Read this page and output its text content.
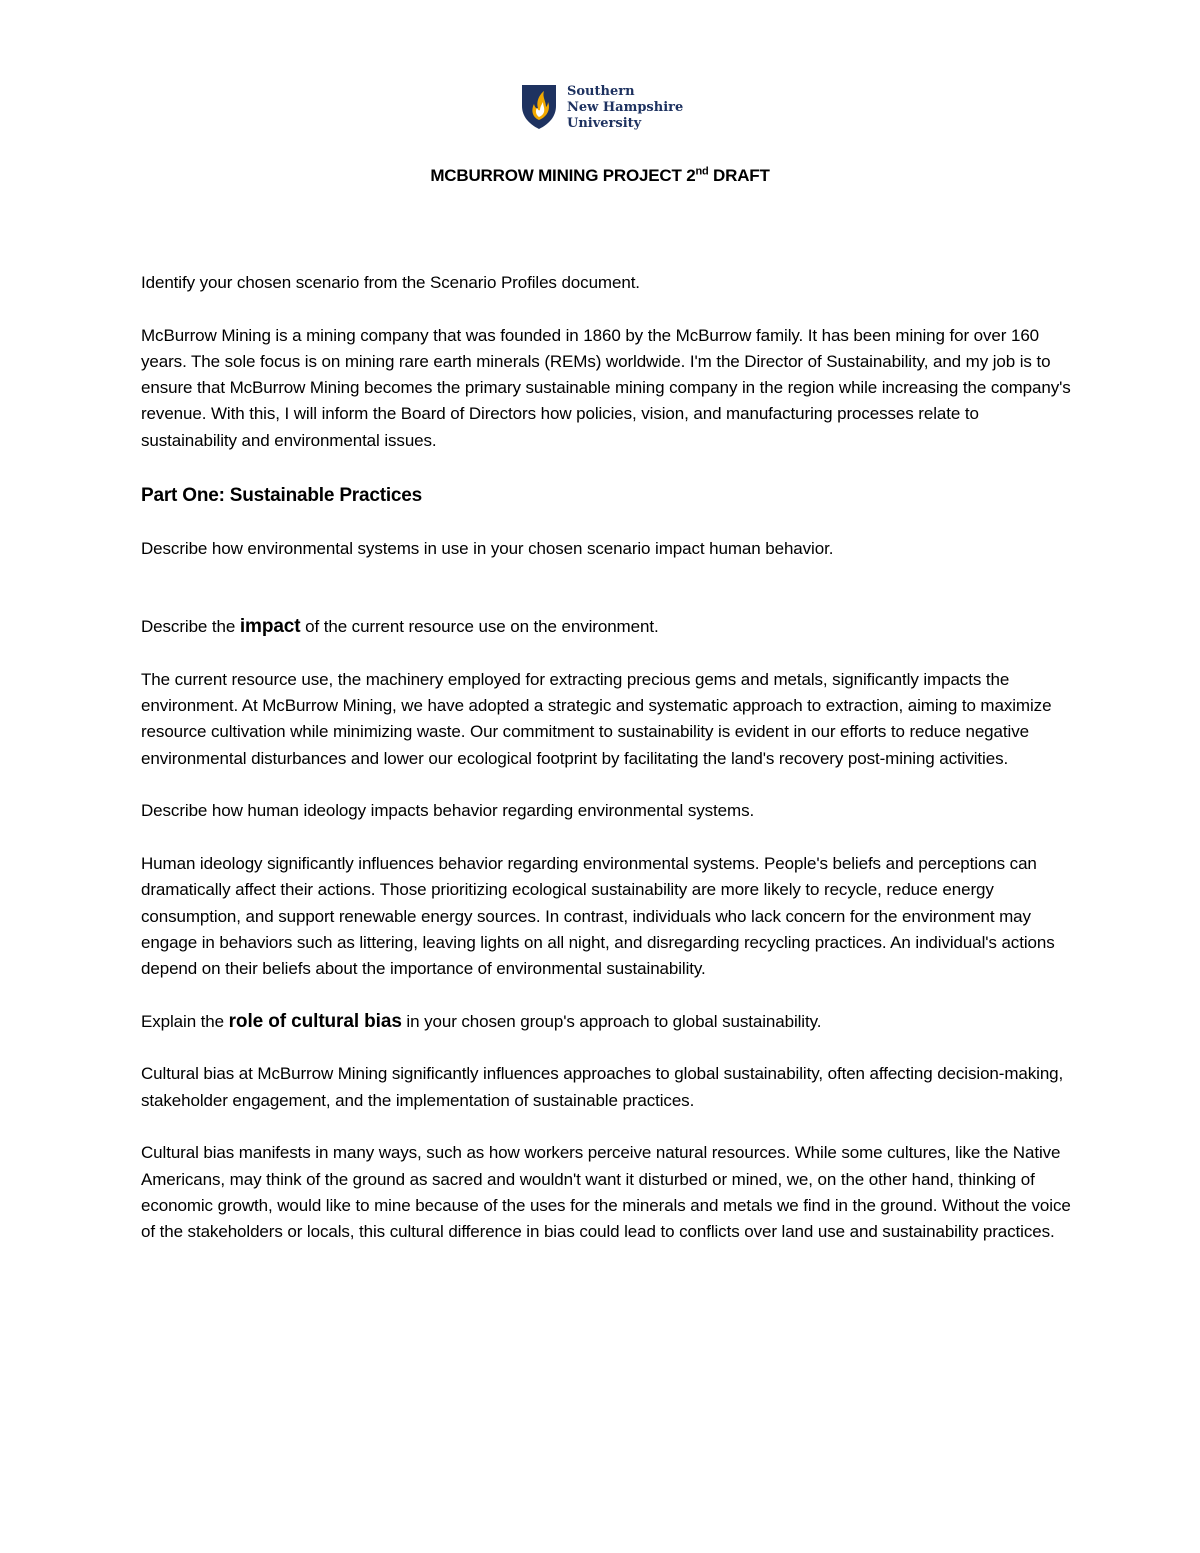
Southern
New Hampshire
University
MCBURROW MINING PROJECT 2nd DRAFT

Identify your chosen scenario from the Scenario Profiles document.

McBurrow Mining is a mining company that was founded in 1860 by the McBurrow family. It has been mining for over 160 years. The sole focus is on mining rare earth minerals (REMs) worldwide. I'm the Director of Sustainability, and my job is to ensure that McBurrow Mining becomes the primary sustainable mining company in the region while increasing the company's revenue. With this, I will inform the Board of Directors how policies, vision, and manufacturing processes relate to sustainability and environmental issues.

Part One: Sustainable Practices

Describe how environmental systems in use in your chosen scenario impact human behavior.

Describe the impact of the current resource use on the environment.

The current resource use, the machinery employed for extracting precious gems and metals, significantly impacts the environment. At McBurrow Mining, we have adopted a strategic and systematic approach to extraction, aiming to maximize resource cultivation while minimizing waste. Our commitment to sustainability is evident in our efforts to reduce negative environmental disturbances and lower our ecological footprint by facilitating the land's recovery post-mining activities.

Describe how human ideology impacts behavior regarding environmental systems.

Human ideology significantly influences behavior regarding environmental systems. People's beliefs and perceptions can dramatically affect their actions. Those prioritizing ecological sustainability are more likely to recycle, reduce energy consumption, and support renewable energy sources. In contrast, individuals who lack concern for the environment may engage in behaviors such as littering, leaving lights on all night, and disregarding recycling practices. An individual's actions depend on their beliefs about the importance of environmental sustainability.

Explain the role of cultural bias in your chosen group's approach to global sustainability.

Cultural bias at McBurrow Mining significantly influences approaches to global sustainability, often affecting decision-making, stakeholder engagement, and the implementation of sustainable practices.

Cultural bias manifests in many ways, such as how workers perceive natural resources. While some cultures, like the Native Americans, may think of the ground as sacred and wouldn't want it disturbed or mined, we, on the other hand, thinking of economic growth, would like to mine because of the uses for the minerals and metals we find in the ground. Without the voice of the stakeholders or locals, this cultural difference in bias could lead to conflicts over land use and sustainability practices.
